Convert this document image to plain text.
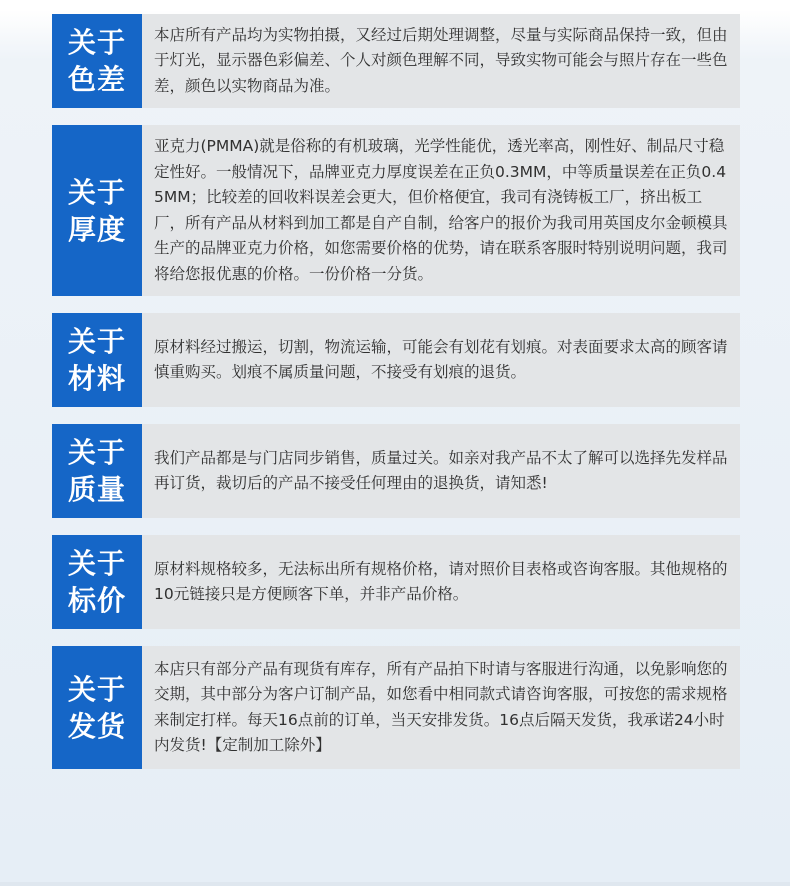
关于
色差
本店所有产品均为实物拍摄，又经过后期处理调整，尽量与实际商品保持一致，但由于灯光，显示器色彩偏差、个人对颜色理解不同，导致实物可能会与照片存在一些色差，颜色以实物商品为准。
关于
厚度
亚克力(PMMA)就是俗称的有机玻璃，光学性能优，透光率高，刚性好、制品尺寸稳定性好。一般情况下，品牌亚克力厚度误差在正负0.3MM，中等质量误差在正负0.45MM；比较差的回收料误差会更大，但价格便宜，我司有浇铸板工厂，挤出板工厂，所有产品从材料到加工都是自产自制，给客户的报价为我司用英国皮尔金顿模具生产的品牌亚克力价格，如您需要价格的优势，请在联系客服时特别说明问题，我司将给您报优惠的价格。一份价格一分货。
关于
材料
原材料经过搬运，切割，物流运输，可能会有划花有划痕。对表面要求太高的顾客请慎重购买。划痕不属质量问题，不接受有划痕的退货。
关于
质量
我们产品都是与门店同步销售，质量过关。如亲对我产品不太了解可以选择先发样品再订货，裁切后的产品不接受任何理由的退换货，请知悉!
关于
标价
原材料规格较多，无法标出所有规格价格，请对照价目表格或咨询客服。其他规格的10元链接只是方便顾客下单，并非产品价格。
关于
发货
本店只有部分产品有现货有库存，所有产品拍下时请与客服进行沟通，以免影响您的交期，其中部分为客户订制产品，如您看中相同款式请咨询客服，可按您的需求规格来制定打样。每天16点前的订单，当天安排发货。16点后隔天发货，我承诺24小时内发货!【定制加工除外】
